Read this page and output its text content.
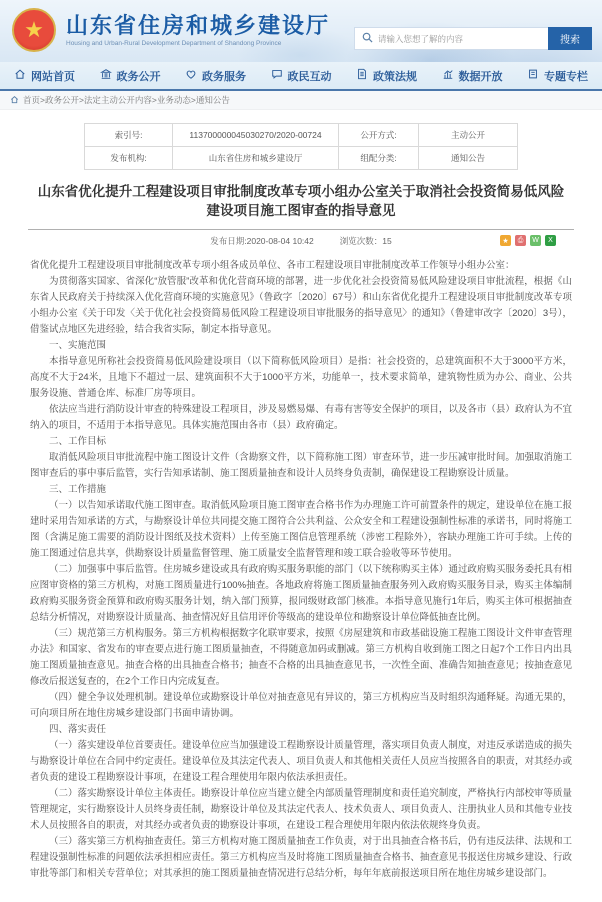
★	山东省住房和城乡建设厅
Housing and Urban-Rural Development Department of Shandong Province
请输入您想了解的内容	搜索
网站首页	政务公开	政务服务	政民互动	政策法规	数据开放	专题专栏
首页>政务公开>法定主动公开内容>业务动态>通知公告
索引号:	113700000045030270/2020-00724	公开方式:	主动公开
发布机构:	山东省住房和城乡建设厅	组配分类:	通知公告
山东省优化提升工程建设项目审批制度改革专项小组办公室关于取消社会投资简易低风险建设项目施工图审查的指导意见
发布日期:2020-08-04 10:42	浏览次数：15	★	⎙	W	X
省优化提升工程建设项目审批制度改革专项小组各成员单位、各市工程建设项目审批制度改革工作领导小组办公室：
为贯彻落实国家、省深化“放管服”改革和优化营商环境的部署，进一步优化社会投资简易低风险建设项目审批流程，根据《山东省人民政府关于持续深入优化营商环境的实施意见》（鲁政字〔2020〕67号）和山东省优化提升工程建设项目审批制度改革专项小组办公室《关于印发〈关于优化社会投资简易低风险工程建设项目审批服务的指导意见〉的通知》（鲁建审改字〔2020〕3号），借鉴试点地区先进经验，结合我省实际，制定本指导意见。
一、实施范围
本指导意见所称社会投资简易低风险建设项目（以下简称低风险项目）是指：社会投资的，总建筑面积不大于3000平方米，高度不大于24米，且地下不超过一层、建筑面积不大于1000平方米，功能单一，技术要求简单，建筑物性质为办公、商业、公共服务设施、普通仓库、标准厂房等项目。
依法应当进行消防设计审查的特殊建设工程项目，涉及易燃易爆、有毒有害等安全保护的项目，以及各市（县）政府认为不宜纳入的项目，不适用于本指导意见。具体实施范围由各市（县）政府确定。
二、工作目标
取消低风险项目审批流程中施工图设计文件（含勘察文件，以下简称施工图）审查环节，进一步压减审批时间。加强取消施工图审查后的事中事后监管，实行告知承诺制、施工图质量抽查和设计人员终身负责制，确保建设工程勘察设计质量。
三、工作措施
（一）以告知承诺取代施工图审查。取消低风险项目施工图审查合格书作为办理施工许可前置条件的规定，建设单位在施工报建时采用告知承诺的方式，与勘察设计单位共同提交施工图符合公共利益、公众安全和工程建设强制性标准的承诺书，同时将施工图（含满足施工需要的消防设计图纸及技术资料）上传至施工图信息管理系统（涉密工程除外），容缺办理施工许可手续。上传的施工图通过信息共享，供勘察设计质量监督管理、施工质量安全监督管理和竣工联合验收等环节使用。
（二）加强事中事后监管。住房城乡建设或具有政府购买服务职能的部门（以下统称购买主体）通过政府购买服务委托具有相应图审资格的第三方机构，对施工图质量进行100%抽查。各地政府将施工图质量抽查服务列入政府购买服务目录，购买主体编制政府购买服务资金预算和政府购买服务计划，纳入部门预算，报同级财政部门核准。本指导意见施行1年后，购买主体可根据抽查总结分析情况，对勘察设计质量高、抽查情况好且信用评价等级高的建设单位和勘察设计单位降低抽查比例。
（三）规范第三方机构服务。第三方机构根据数字化联审要求，按照《房屋建筑和市政基础设施工程施工图设计文件审查管理办法》和国家、省发布的审查要点进行施工图质量抽查，不得随意加码或删减。第三方机构自收到施工图之日起7个工作日内出具施工图质量抽查意见。抽查合格的出具抽查合格书；抽查不合格的出具抽查意见书，一次性全面、准确告知抽查意见；按抽查意见修改后报送复查的，在2个工作日内完成复查。
（四）健全争议处理机制。建设单位或勘察设计单位对抽查意见有异议的，第三方机构应当及时组织沟通释疑。沟通无果的，可向项目所在地住房城乡建设部门书面申请协调。
四、落实责任
（一）落实建设单位首要责任。建设单位应当加强建设工程勘察设计质量管理，落实项目负责人制度，对违反承诺造成的损失与勘察设计单位在合同中约定责任。建设单位及其法定代表人、项目负责人和其他相关责任人员应当按照各自的职责，对其经办或者负责的建设工程勘察设计事项，在建设工程合理使用年限内依法承担责任。
（二）落实勘察设计单位主体责任。勘察设计单位应当建立健全内部质量管理制度和责任追究制度，严格执行内部校审等质量管理规定，实行勘察设计人员终身责任制，勘察设计单位及其法定代表人、技术负责人、项目负责人、注册执业人员和其他专业技术人员按照各自的职责，对其经办或者负责的勘察设计事项，在建设工程合理使用年限内依法依规终身负责。
（三）落实第三方机构抽查责任。第三方机构对施工图质量抽查工作负责，对于出具抽查合格书后，仍有违反法律、法规和工程建设强制性标准的问题依法承担相应责任。第三方机构应当及时将施工图质量抽查合格书、抽查意见书报送住房城乡建设、行政审批等部门和相关专营单位；对其承担的施工图质量抽查情况进行总结分析，每年年底前报送项目所在地住房城乡建设部门。
